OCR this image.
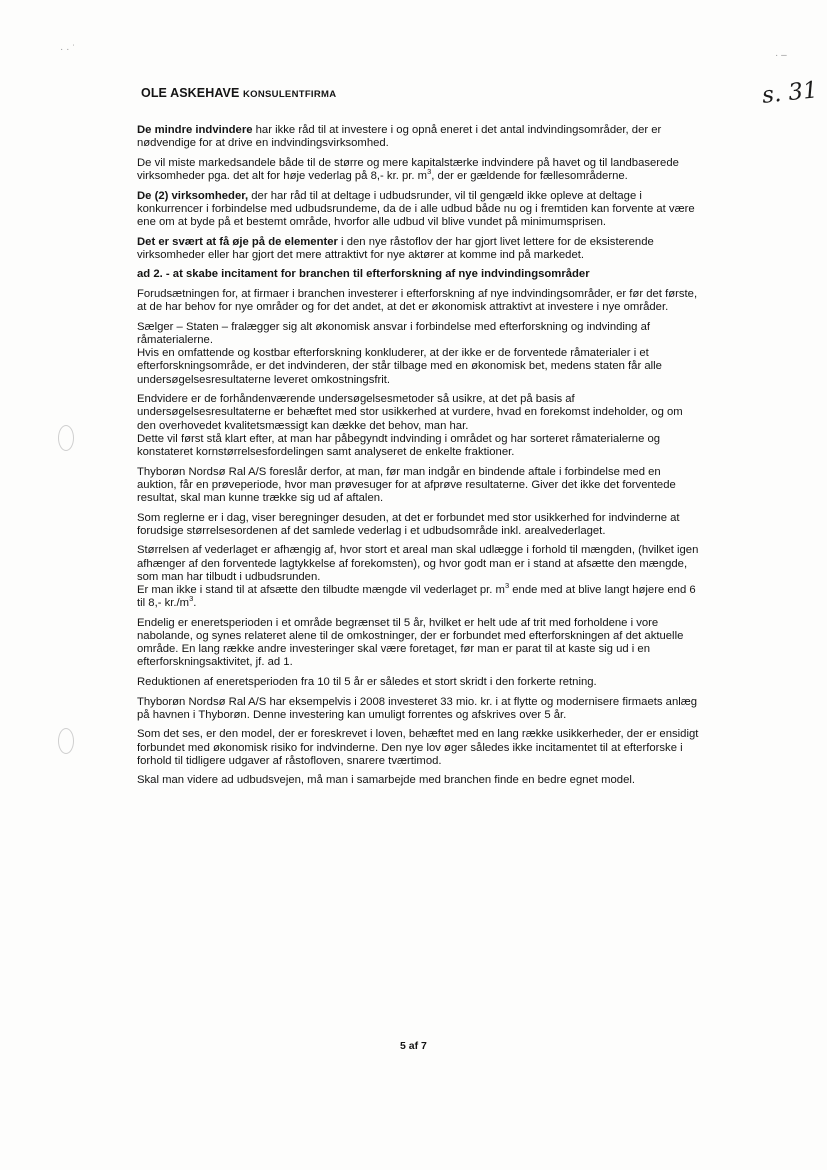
OLE ASKEHAVE KONSULENTFIRMA	s. 31
· · ˙
· –

De mindre indvindere har ikke råd til at investere i og opnå eneret i det antal indvindingsområder, der er nødvendige for at drive en indvindingsvirksomhed.

De vil miste markedsandele både til de større og mere kapitalstærke indvindere på havet og til landbaserede virksomheder pga. det alt for høje vederlag på 8,- kr. pr. $m^3$, der er gældende for fællesområderne.

De (2) virksomheder, der har råd til at deltage i udbudsrunder, vil til gengæld ikke opleve at deltage i konkurrencer i forbindelse med udbudsrundeme, da de i alle udbud både nu og i fremtiden kan forvente at være ene om at byde på et bestemt område, hvorfor alle udbud vil blive vundet på minimumsprisen.

Det er svært at få øje på de elementer i den nye råstoflov der har gjort livet lettere for de eksisterende virksomheder eller har gjort det mere attraktivt for nye aktører at komme ind på markedet.

ad 2. - at skabe incitament for branchen til efterforskning af nye indvindingsområder

Forudsætningen for, at firmaer i branchen investerer i efterforskning af nye indvindingsområder, er før det første, at de har behov for nye områder og for det andet, at det er økonomisk attraktivt at investere i nye områder.

Sælger – Staten – fralægger sig alt økonomisk ansvar i forbindelse med efterforskning og indvinding af råmaterialerne.
Hvis en omfattende og kostbar efterforskning konkluderer, at der ikke er de forventede råmaterialer i et efterforskningsområde, er det indvinderen, der står tilbage med en økonomisk bet, medens staten får alle undersøgelsesresultaterne leveret omkostningsfrit.

Endvidere er de forhåndenværende undersøgelsesmetoder så usikre, at det på basis af undersøgelsesresultaterne er behæftet med stor usikkerhed at vurdere, hvad en forekomst indeholder, og om den overhovedet kvalitetsmæssigt kan dække det behov, man har.
Dette vil først stå klart efter, at man har påbegyndt indvinding i området og har sorteret råmaterialerne og konstateret kornstørrelsesfordelingen samt analyseret de enkelte fraktioner.

Thyborøn Nordsø Ral A/S foreslår derfor, at man, før man indgår en bindende aftale i forbindelse med en auktion, får en prøveperiode, hvor man prøvesuger for at afprøve resultaterne. Giver det ikke det forventede resultat, skal man kunne trække sig ud af aftalen.

Som reglerne er i dag, viser beregninger desuden, at det er forbundet med stor usikkerhed for indvinderne at forudsige størrelsesordenen af det samlede vederlag i et udbudsområde inkl. arealvederlaget.

Størrelsen af vederlaget er afhængig af, hvor stort et areal man skal udlægge i forhold til mængden, (hvilket igen afhænger af den forventede lagtykkelse af forekomsten), og hvor godt man er i stand at afsætte den mængde, som man har tilbudt i udbudsrunden.
Er man ikke i stand til at afsætte den tilbudte mængde vil vederlaget pr. $m^3$ ende med at blive langt højere end 6 til 8,- $kr./m^3$.

Endelig er eneretsperioden i et område begrænset til 5 år, hvilket er helt ude af trit med forholdene i vore nabolande, og synes relateret alene til de omkostninger, der er forbundet med efterforskningen af det aktuelle område. En lang række andre investeringer skal være foretaget, før man er parat til at kaste sig ud i en efterforskningsaktivitet, jf. ad 1.

Reduktionen af eneretsperioden fra 10 til 5 år er således et stort skridt i den forkerte retning.

Thyborøn Nordsø Ral A/S har eksempelvis i 2008 investeret 33 mio. kr. i at flytte og modernisere firmaets anlæg på havnen i Thyborøn. Denne investering kan umuligt forrentes og afskrives over 5 år.

Som det ses, er den model, der er foreskrevet i loven, behæftet med en lang række usikkerheder, der er ensidigt forbundet med økonomisk risiko for indvinderne. Den nye lov øger således ikke incitamentet til at efterforske i forhold til tidligere udgaver af råstofloven, snarere tværtimod.

Skal man videre ad udbudsvejen, må man i samarbejde med branchen finde en bedre egnet model.

5 af 7
